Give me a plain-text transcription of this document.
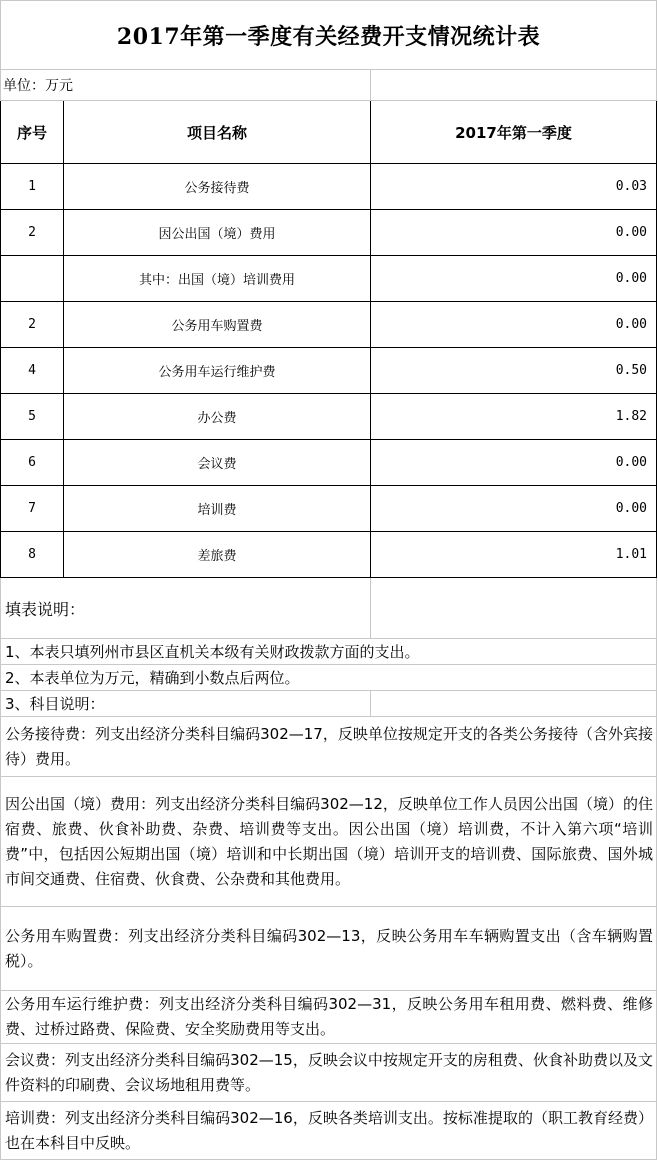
2017年第一季度有关经费开支情况统计表		
单位：万元		
序号	项目名称	2017年第一季度
1	公务接待费	0.03
2	因公出国（境）费用	0.00
	其中：出国（境）培训费用	0.00
2	公务用车购置费	0.00
4	公务用车运行维护费	0.50
5	办公费	1.82
6	会议费	0.00
7	培训费	0.00
8	差旅费	1.01
填表说明：		
1、本表只填列州市县区直机关本级有关财政拨款方面的支出。		
2、本表单位为万元，精确到小数点后两位。		
3、科目说明：		
公务接待费：列支出经济分类科目编码302—17，反映单位按规定开支的各类公务接待（含外宾接待）费用。		
因公出国（境）费用：列支出经济分类科目编码302—12，反映单位工作人员因公出国（境）的住宿费、旅费、伙食补助费、杂费、培训费等支出。因公出国（境）培训费，不计入第六项“培训费”中，包括因公短期出国（境）培训和中长期出国（境）培训开支的培训费、国际旅费、国外城市间交通费、住宿费、伙食费、公杂费和其他费用。		
公务用车购置费：列支出经济分类科目编码302—13，反映公务用车车辆购置支出（含车辆购置税）。		
公务用车运行维护费：列支出经济分类科目编码302—31，反映公务用车租用费、燃料费、维修费、过桥过路费、保险费、安全奖励费用等支出。		
会议费：列支出经济分类科目编码302—15，反映会议中按规定开支的房租费、伙食补助费以及文件资料的印刷费、会议场地租用费等。		
培训费：列支出经济分类科目编码302—16，反映各类培训支出。按标准提取的（职工教育经费）也在本科目中反映。		
